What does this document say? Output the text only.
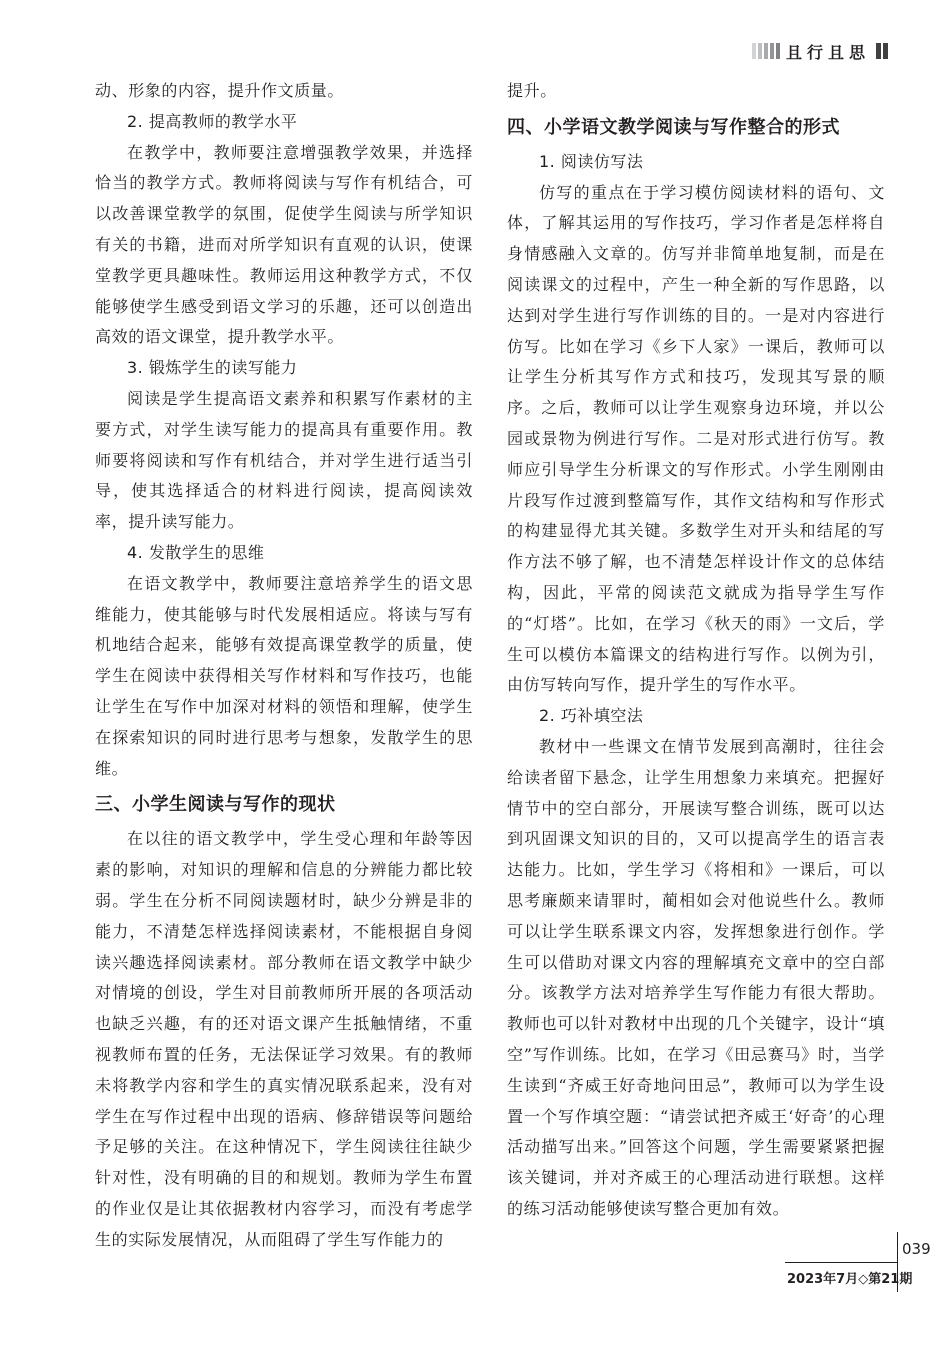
且行且思

动、形象的内容，提升作文质量。

2. 提高教师的教学水平

在教学中，教师要注意增强教学效果，并选择恰当的教学方式。教师将阅读与写作有机结合，可以改善课堂教学的氛围，促使学生阅读与所学知识有关的书籍，进而对所学知识有直观的认识，使课堂教学更具趣味性。教师运用这种教学方式，不仅能够使学生感受到语文学习的乐趣，还可以创造出高效的语文课堂，提升教学水平。

3. 锻炼学生的读写能力

阅读是学生提高语文素养和积累写作素材的主要方式，对学生读写能力的提高具有重要作用。教师要将阅读和写作有机结合，并对学生进行适当引导，使其选择适合的材料进行阅读，提高阅读效率，提升读写能力。

4. 发散学生的思维

在语文教学中，教师要注意培养学生的语文思维能力，使其能够与时代发展相适应。将读与写有机地结合起来，能够有效提高课堂教学的质量，使学生在阅读中获得相关写作材料和写作技巧，也能让学生在写作中加深对材料的领悟和理解，使学生在探索知识的同时进行思考与想象，发散学生的思维。

三、小学生阅读与写作的现状

在以往的语文教学中，学生受心理和年龄等因素的影响，对知识的理解和信息的分辨能力都比较弱。学生在分析不同阅读题材时，缺少分辨是非的能力，不清楚怎样选择阅读素材，不能根据自身阅读兴趣选择阅读素材。部分教师在语文教学中缺少对情境的创设，学生对目前教师所开展的各项活动也缺乏兴趣，有的还对语文课产生抵触情绪，不重视教师布置的任务，无法保证学习效果。有的教师未将教学内容和学生的真实情况联系起来，没有对学生在写作过程中出现的语病、修辞错误等问题给予足够的关注。在这种情况下，学生阅读往往缺少针对性，没有明确的目的和规划。教师为学生布置的作业仅是让其依据教材内容学习，而没有考虑学生的实际发展情况，从而阻碍了学生写作能力的

提升。

四、小学语文教学阅读与写作整合的形式
1. 阅读仿写法

仿写的重点在于学习模仿阅读材料的语句、文体，了解其运用的写作技巧，学习作者是怎样将自身情感融入文章的。仿写并非简单地复制，而是在阅读课文的过程中，产生一种全新的写作思路，以达到对学生进行写作训练的目的。一是对内容进行仿写。比如在学习《乡下人家》一课后，教师可以让学生分析其写作方式和技巧，发现其写景的顺序。之后，教师可以让学生观察身边环境，并以公园或景物为例进行写作。二是对形式进行仿写。教师应引导学生分析课文的写作形式。小学生刚刚由片段写作过渡到整篇写作，其作文结构和写作形式的构建显得尤其关键。多数学生对开头和结尾的写作方法不够了解，也不清楚怎样设计作文的总体结构，因此，平常的阅读范文就成为指导学生写作的“灯塔”。比如，在学习《秋天的雨》一文后，学生可以模仿本篇课文的结构进行写作。以例为引，由仿写转向写作，提升学生的写作水平。

2. 巧补填空法

教材中一些课文在情节发展到高潮时，往往会给读者留下悬念，让学生用想象力来填充。把握好情节中的空白部分，开展读写整合训练，既可以达到巩固课文知识的目的，又可以提高学生的语言表达能力。比如，学生学习《将相和》一课后，可以思考廉颇来请罪时，蔺相如会对他说些什么。教师可以让学生联系课文内容，发挥想象进行创作。学生可以借助对课文内容的理解填充文章中的空白部分。该教学方法对培养学生写作能力有很大帮助。教师也可以针对教材中出现的几个关键字，设计“填空”写作训练。比如，在学习《田忌赛马》时，当学生读到“齐威王好奇地问田忌”，教师可以为学生设置一个写作填空题：“请尝试把齐威王‘好奇’的心理活动描写出来。”回答这个问题，学生需要紧紧把握该关键词，并对齐威王的心理活动进行联想。这样的练习活动能够使读写整合更加有效。

039
2023年7月◇第21期
